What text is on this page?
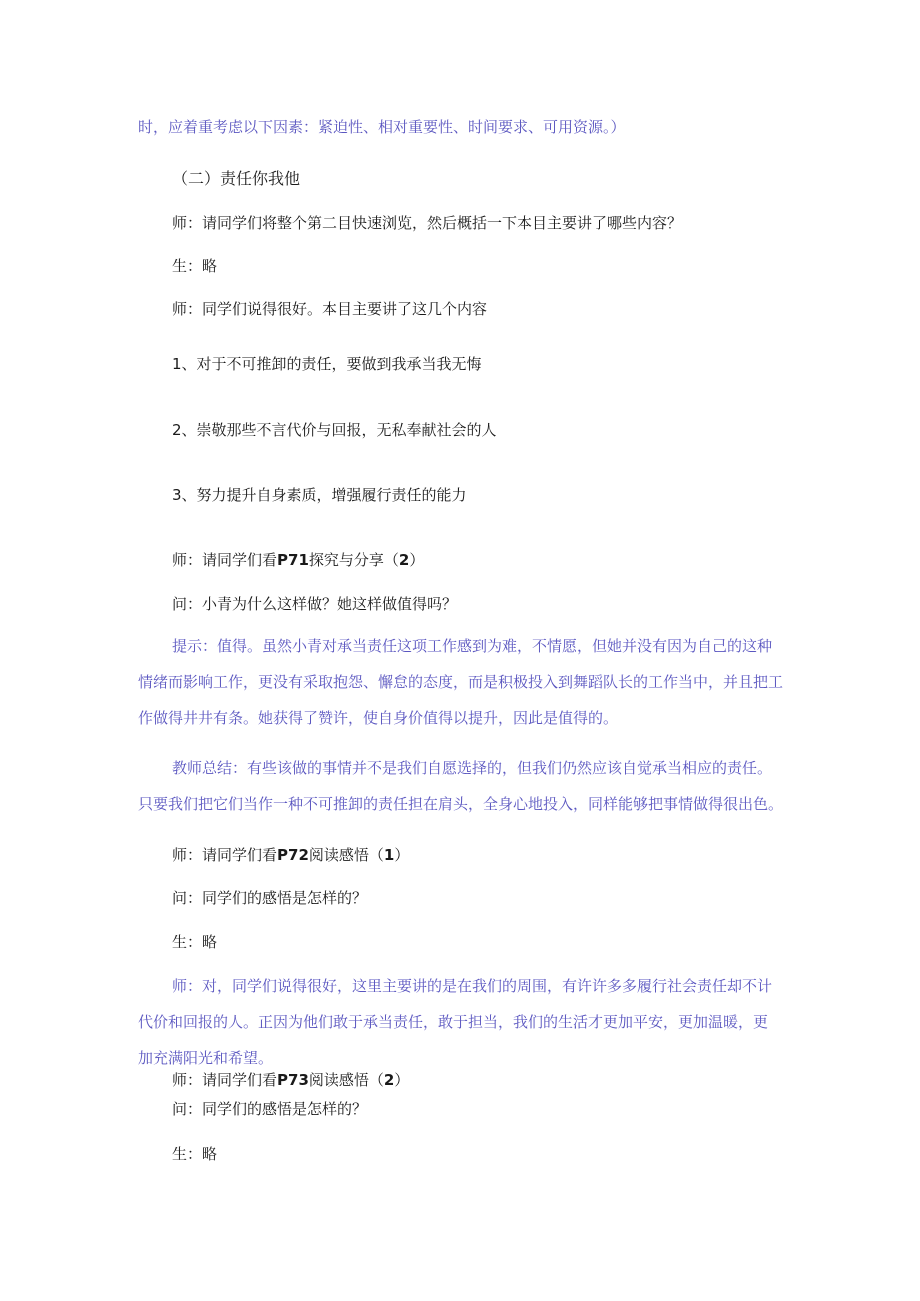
时，应着重考虑以下因素：紧迫性、相对重要性、时间要求、可用资源。）
（二）责任你我他
师：请同学们将整个第二目快速浏览，然后概括一下本目主要讲了哪些内容？
生：略
师：同学们说得很好。本目主要讲了这几个内容
1、对于不可推卸的责任，要做到我承当我无悔
2、崇敬那些不言代价与回报，无私奉献社会的人
3、努力提升自身素质，增强履行责任的能力
师：请同学们看P71探究与分享（2）
问：小青为什么这样做？她这样做值得吗？

提示：值得。虽然小青对承当责任这项工作感到为难，不情愿，但她并没有因为自己的这种

情绪而影响工作，更没有采取抱怨、懈怠的态度，而是积极投入到舞蹈队长的工作当中，并且把工

作做得井井有条。她获得了赞许，使自身价值得以提升，因此是值得的。

教师总结：有些该做的事情并不是我们自愿选择的，但我们仍然应该自觉承当相应的责任。

只要我们把它们当作一种不可推卸的责任担在肩头，全身心地投入，同样能够把事情做得很出色。

师：请同学们看P72阅读感悟（1）
问：同学们的感悟是怎样的？
生：略

师：对，同学们说得很好，这里主要讲的是在我们的周围，有许许多多履行社会责任却不计

代价和回报的人。正因为他们敢于承当责任，敢于担当，我们的生活才更加平安，更加温暖，更

加充满阳光和希望。

师：请同学们看P73阅读感悟（2）
问：同学们的感悟是怎样的？
生：略
